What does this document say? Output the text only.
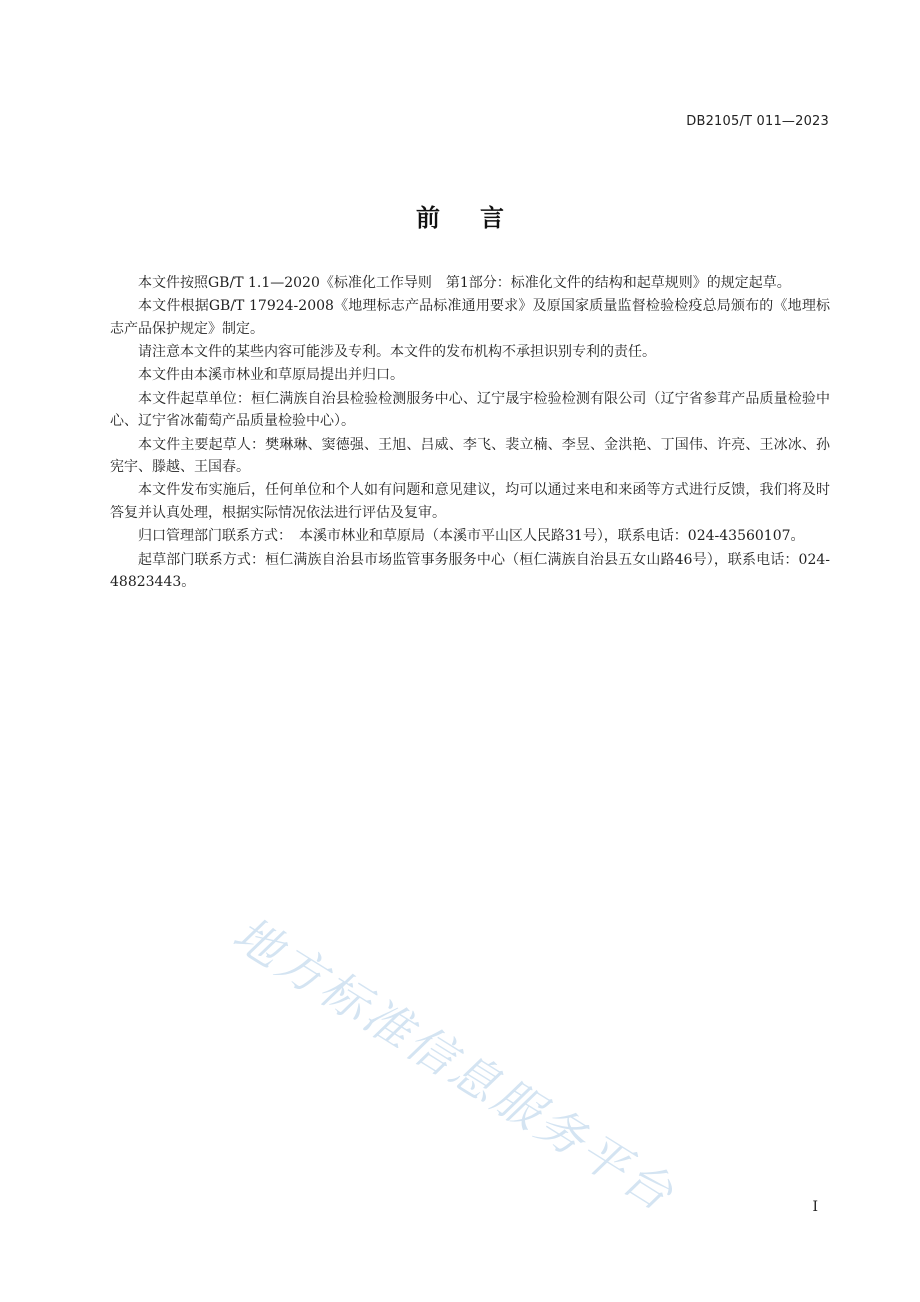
DB2105/T 011—2023
前言

本文件按照GB/T 1.1—2020《标准化工作导则　第1部分：标准化文件的结构和起草规则》的规定起草。

本文件根据GB/T 17924-2008《地理标志产品标准通用要求》及原国家质量监督检验检疫总局颁布的《地理标志产品保护规定》制定。

请注意本文件的某些内容可能涉及专利。本文件的发布机构不承担识别专利的责任。

本文件由本溪市林业和草原局提出并归口。

本文件起草单位：桓仁满族自治县检验检测服务中心、辽宁晟宇检验检测有限公司（辽宁省参茸产品质量检验中心、辽宁省冰葡萄产品质量检验中心）。

本文件主要起草人：樊琳琳、窦德强、王旭、吕威、李飞、裴立楠、李昱、金洪艳、丁国伟、许亮、王冰冰、孙宪宇、滕越、王国春。

本文件发布实施后，任何单位和个人如有问题和意见建议，均可以通过来电和来函等方式进行反馈，我们将及时答复并认真处理，根据实际情况依法进行评估及复审。

归口管理部门联系方式：　本溪市林业和草原局（本溪市平山区人民路31号），联系电话：024-43560107。

起草部门联系方式：桓仁满族自治县市场监管事务服务中心（桓仁满族自治县五女山路46号），联系电话：024-48823443。

地方标准信息服务平台	I
